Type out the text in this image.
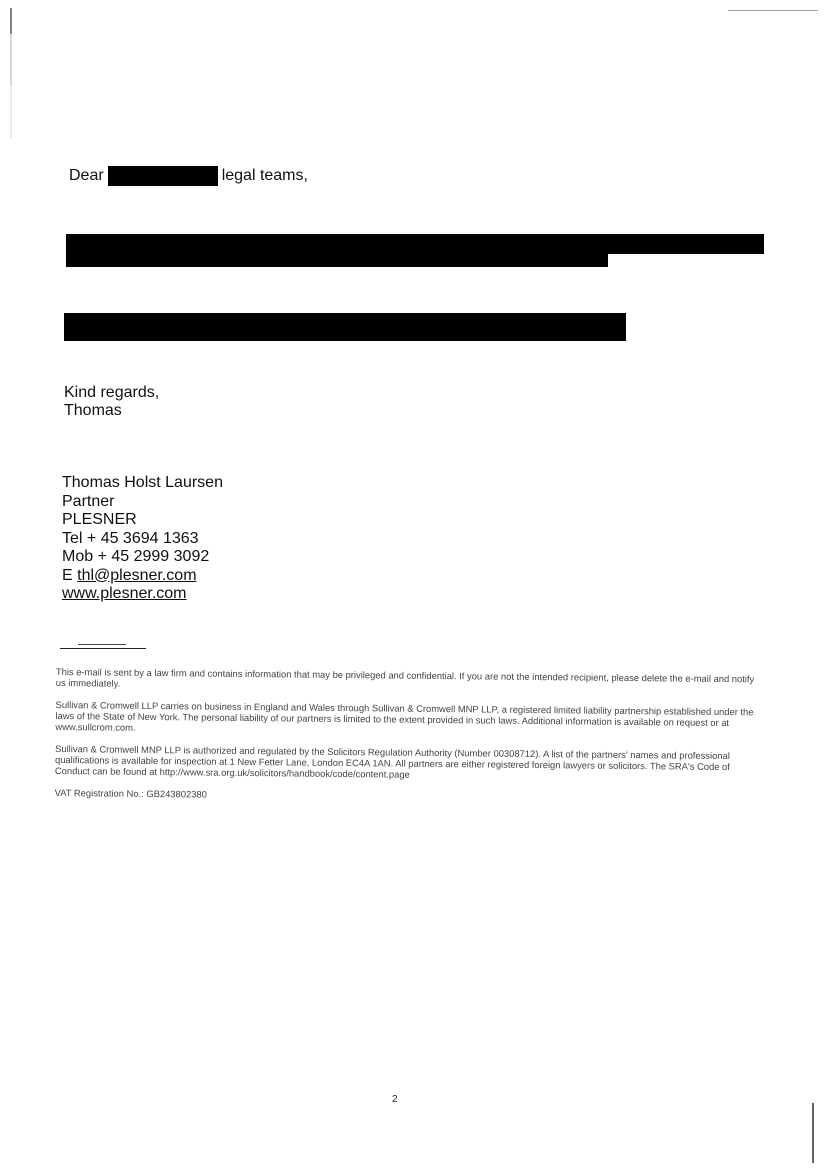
Dear	legal teams,
Kind regards,
Thomas
Thomas Holst Laursen
Partner
PLESNER
Tel + 45 3694 1363
Mob + 45 2999 3092
E thl@plesner.com
www.plesner.com

This e-mail is sent by a law firm and contains information that may be privileged and confidential. If you are not the intended recipient, please delete the e-mail and notify us immediately.

Sullivan & Cromwell LLP carries on business in England and Wales through Sullivan & Cromwell MNP LLP, a registered limited liability partnership established under the laws of the State of New York. The personal liability of our partners is limited to the extent provided in such laws. Additional information is available on request or at www.sullcrom.com.

Sullivan & Cromwell MNP LLP is authorized and regulated by the Solicitors Regulation Authority (Number 00308712). A list of the partners' names and professional qualifications is available for inspection at 1 New Fetter Lane, London EC4A 1AN. All partners are either registered foreign lawyers or solicitors. The SRA's Code of Conduct can be found at http://www.sra.org.uk/solicitors/handbook/code/content.page

VAT Registration No.: GB243802380

2
